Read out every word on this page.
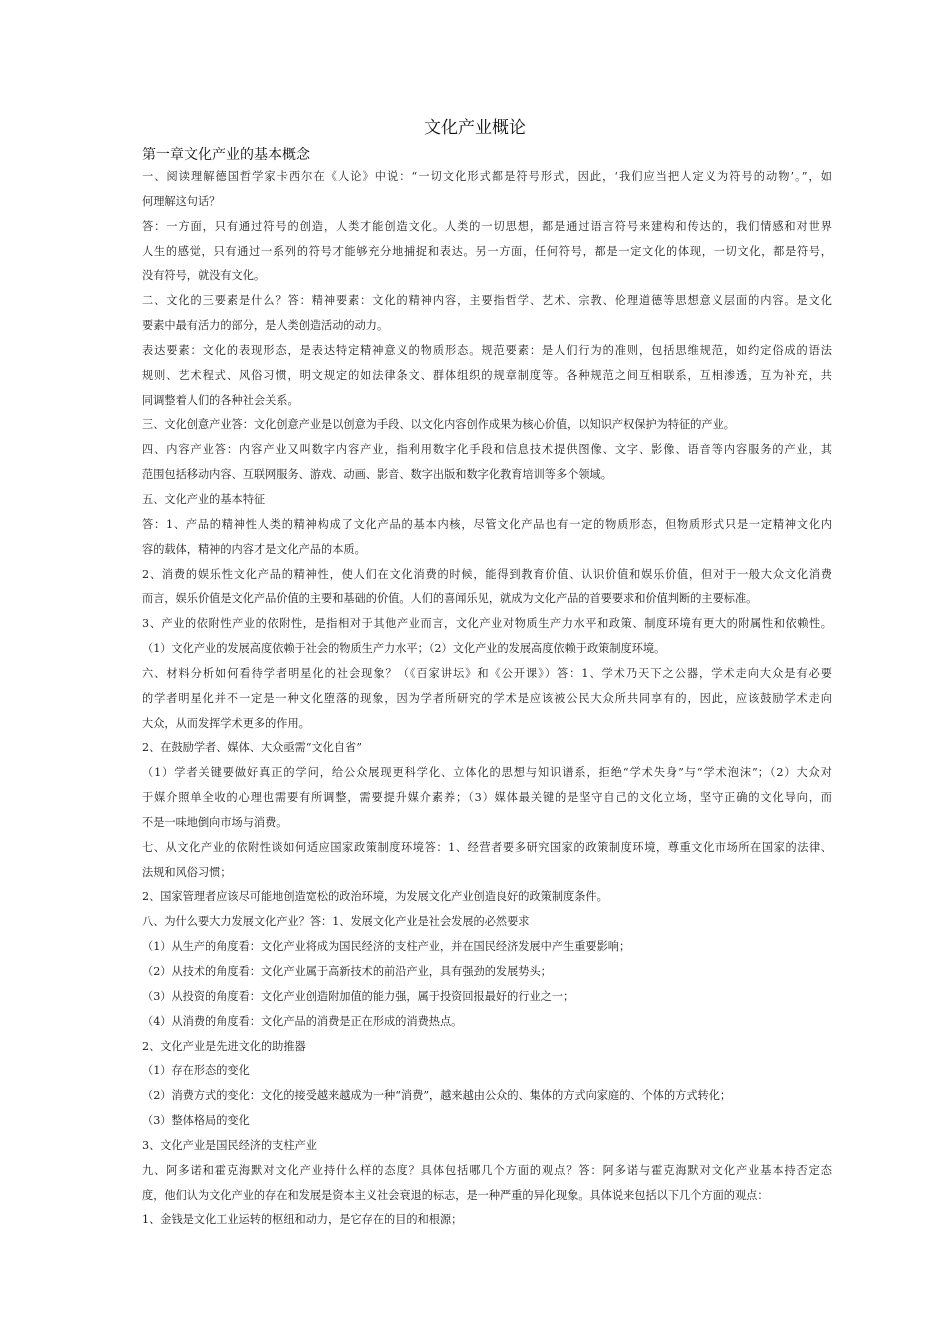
文化产业概论
第一章文化产业的基本概念
一、阅读理解德国哲学家卡西尔在《人论》中说：“一切文化形式都是符号形式，因此，‘我们应当把人定义为符号的动物’。”，如
何理解这句话？
答：一方面，只有通过符号的创造，人类才能创造文化。人类的一切思想，都是通过语言符号来建构和传达的，我们情感和对世界
人生的感觉，只有通过一系列的符号才能够充分地捕捉和表达。另一方面，任何符号，都是一定文化的体现，一切文化，都是符号，
没有符号，就没有文化。
二、文化的三要素是什么？答：精神要素：文化的精神内容，主要指哲学、艺术、宗教、伦理道德等思想意义层面的内容。是文化
要素中最有活力的部分，是人类创造活动的动力。
表达要素：文化的表现形态，是表达特定精神意义的物质形态。规范要素：是人们行为的准则，包括思维规范，如约定俗成的语法
规则、艺术程式、风俗习惯，明文规定的如法律条文、群体组织的规章制度等。各种规范之间互相联系，互相渗透，互为补充，共
同调整着人们的各种社会关系。
三、文化创意产业答：文化创意产业是以创意为手段、以文化内容创作成果为核心价值，以知识产权保护为特征的产业。
四、内容产业答：内容产业又叫数字内容产业，指利用数字化手段和信息技术提供图像、文字、影像、语音等内容服务的产业，其
范围包括移动内容、互联网服务、游戏、动画、影音、数字出版和数字化教育培训等多个领域。
五、文化产业的基本特征
答：1、产品的精神性人类的精神构成了文化产品的基本内核，尽管文化产品也有一定的物质形态，但物质形式只是一定精神文化内
容的载体，精神的内容才是文化产品的本质。
2、消费的娱乐性文化产品的精神性，使人们在文化消费的时候，能得到教育价值、认识价值和娱乐价值，但对于一般大众文化消费
而言，娱乐价值是文化产品价值的主要和基础的价值。人们的喜闻乐见，就成为文化产品的首要要求和价值判断的主要标准。
3、产业的依附性产业的依附性，是指相对于其他产业而言，文化产业对物质生产力水平和政策、制度环境有更大的附属性和依赖性。
（1）文化产业的发展高度依赖于社会的物质生产力水平；（2）文化产业的发展高度依赖于政策制度环境。
六、材料分析如何看待学者明星化的社会现象？（《百家讲坛》和《公开课》）答：1、学术乃天下之公器，学术走向大众是有必要
的学者明星化并不一定是一种文化堕落的现象，因为学者所研究的学术是应该被公民大众所共同享有的，因此，应该鼓励学术走向
大众，从而发挥学术更多的作用。
2、在鼓励学者、媒体、大众亟需“文化自省”
（1）学者关键要做好真正的学问，给公众展现更科学化、立体化的思想与知识谱系，拒绝“学术失身”与“学术泡沫”；（2）大众对
于媒介照单全收的心理也需要有所调整，需要提升媒介素养；（3）媒体最关键的是坚守自己的文化立场，坚守正确的文化导向，而
不是一味地倒向市场与消费。
七、从文化产业的依附性谈如何适应国家政策制度环境答：1、经营者要多研究国家的政策制度环境，尊重文化市场所在国家的法律、
法规和风俗习惯；
2、国家管理者应该尽可能地创造宽松的政治环境，为发展文化产业创造良好的政策制度条件。
八、为什么要大力发展文化产业？答：1、发展文化产业是社会发展的必然要求
（1）从生产的角度看：文化产业将成为国民经济的支柱产业，并在国民经济发展中产生重要影响；
（2）从技术的角度看：文化产业属于高新技术的前沿产业，具有强劲的发展势头；
（3）从投资的角度看：文化产业创造附加值的能力强，属于投资回报最好的行业之一；
（4）从消费的角度看：文化产品的消费是正在形成的消费热点。
2、文化产业是先进文化的助推器
（1）存在形态的变化
（2）消费方式的变化：文化的接受越来越成为一种“消费”，越来越由公众的、集体的方式向家庭的、个体的方式转化；
（3）整体格局的变化
3、文化产业是国民经济的支柱产业
九、阿多诺和霍克海默对文化产业持什么样的态度？具体包括哪几个方面的观点？答：阿多诺与霍克海默对文化产业基本持否定态
度，他们认为文化产业的存在和发展是资本主义社会衰退的标志，是一种严重的异化现象。具体说来包括以下几个方面的观点：
1、金钱是文化工业运转的枢纽和动力，是它存在的目的和根源；
